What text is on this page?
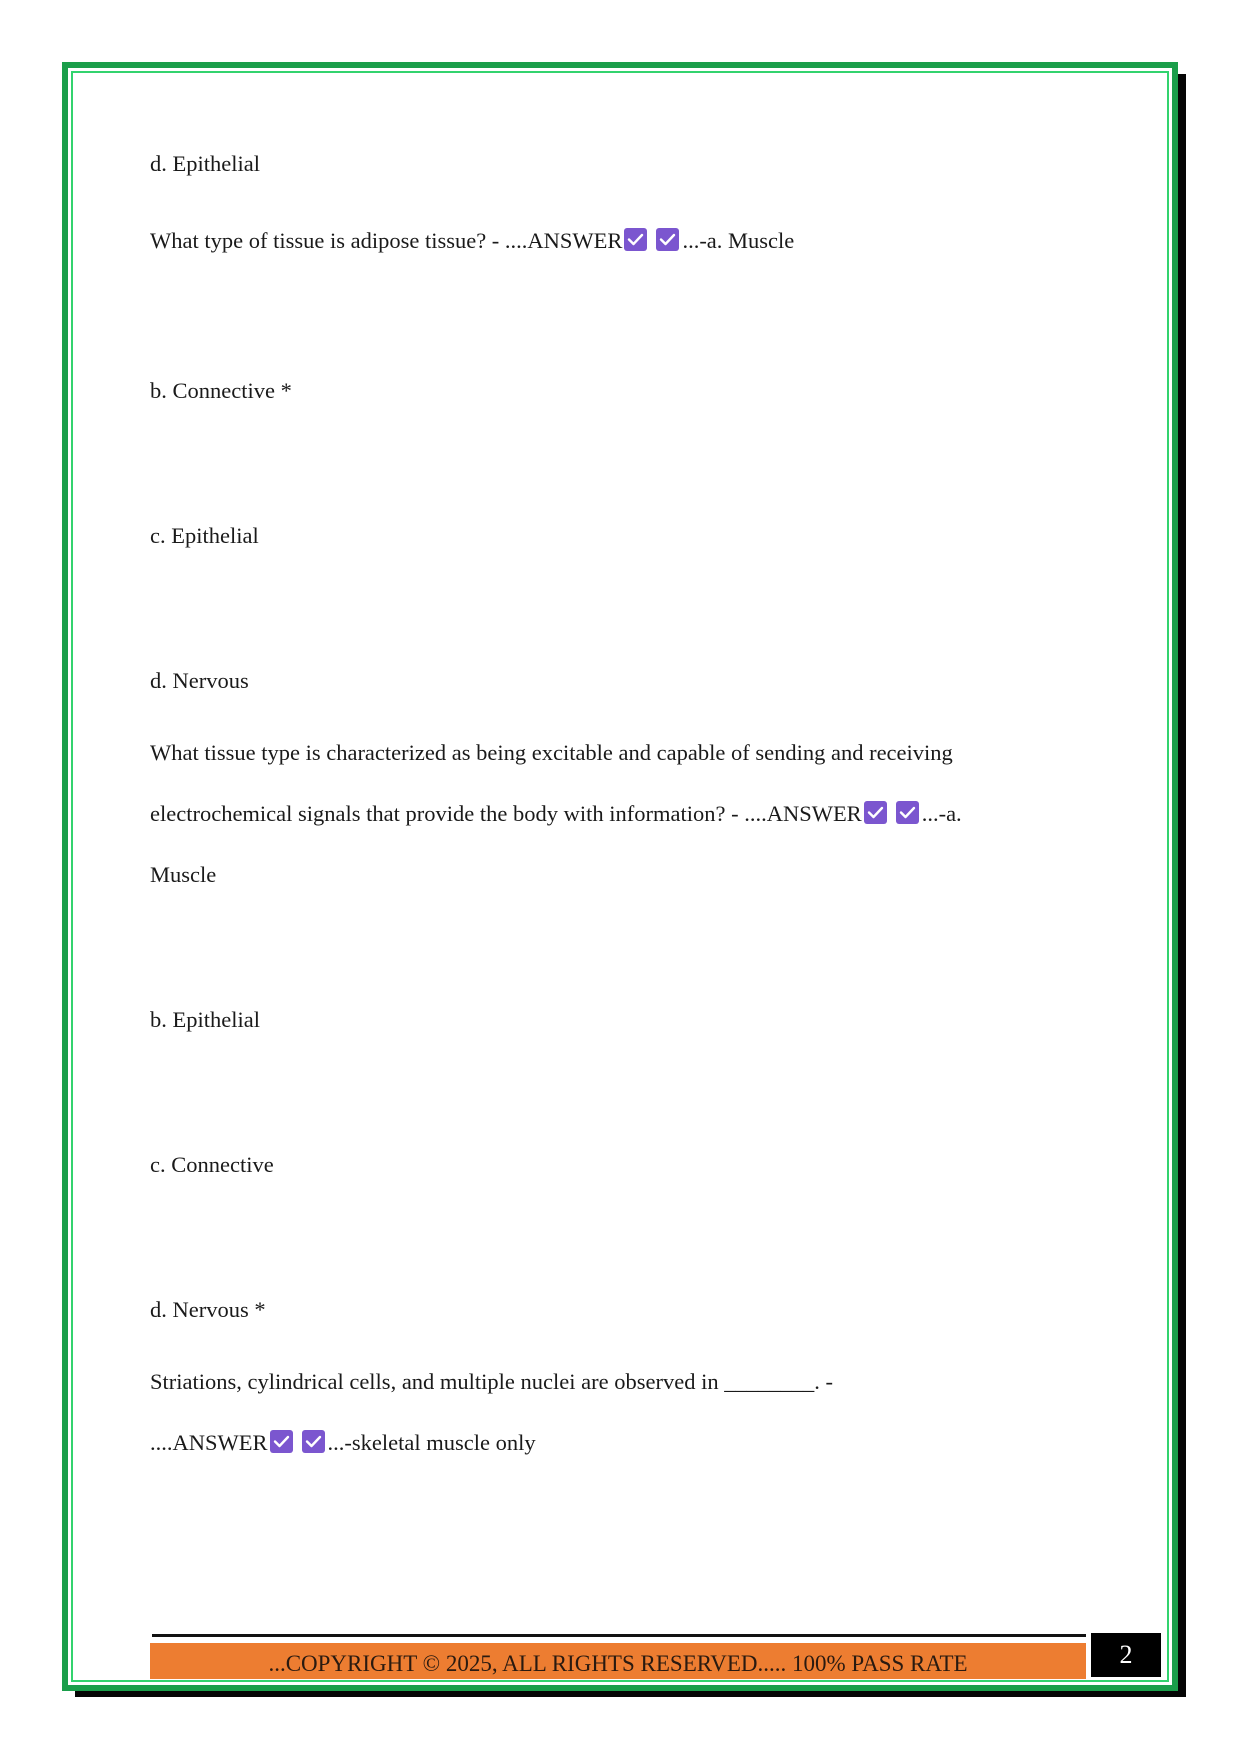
d. Epithelial

What type of tissue is adipose tissue? - ....ANSWER	...-a. Muscle

b. Connective *

c. Epithelial

d. Nervous

What tissue type is characterized as being excitable and capable of sending and receiving

electrochemical signals that provide the body with information? - ....ANSWER	...-a.

Muscle

b. Epithelial

c. Connective

d. Nervous *

Striations, cylindrical cells, and multiple nuclei are observed in ________. -

....ANSWER	...-skeletal muscle only

...COPYRIGHT © 2025, ALL RIGHTS RESERVED..... 100% PASS RATE	2
